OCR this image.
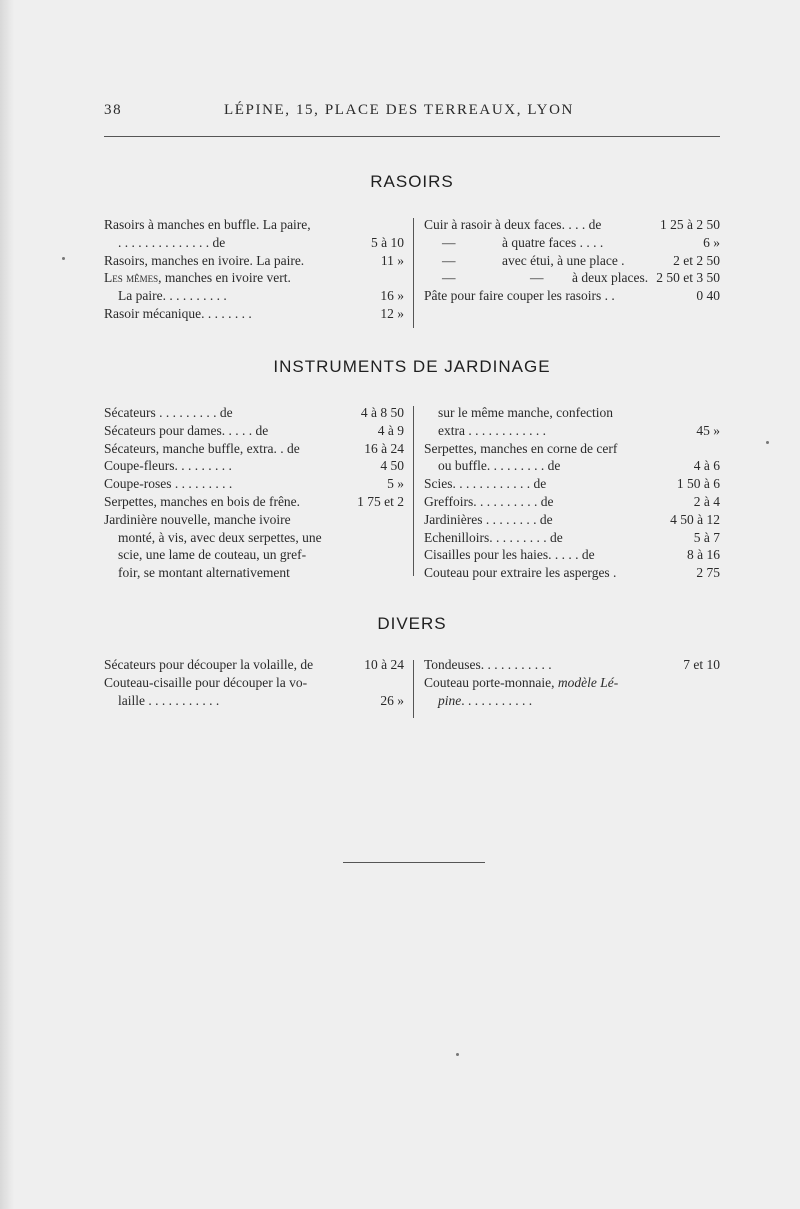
38	LÉPINE, 15, PLACE DES TERREAUX, LYON
RASOIRS
Rasoirs à manches en buffle. La paire,
. . . . . . . . . . . . . . de	5 à 10
Rasoirs, manches en ivoire. La paire.	11 »
Les mêmes, manches en ivoire vert.
La paire. . . . . . . . . .	16 »
Rasoir mécanique. . . . . . . .	12 »
Cuir à rasoir à deux faces. . . . de	1 25 à 2 50
—	à quatre faces . . . .	6 »
—	avec étui, à une place .	2 et 2 50
—	— à deux places. 2 50 et 3 50
Pâte pour faire couper les rasoirs . .	0 40
INSTRUMENTS DE JARDINAGE
Sécateurs . . . . . . . . . de	4 à 8 50
Sécateurs pour dames. . . . . de	4 à 9
Sécateurs, manche buffle, extra. . de	16 à 24
Coupe-fleurs. . . . . . . . .	4 50
Coupe-roses . . . . . . . . .	5 »
Serpettes, manches en bois de frêne.	1 75 et 2
Jardinière nouvelle, manche ivoire
monté, à vis, avec deux serpettes, une
scie, une lame de couteau, un gref-
foir, se montant alternativement
sur le même manche, confection
extra . . . . . . . . . . . .	45 »
Serpettes, manches en corne de cerf
ou buffle. . . . . . . . . de	4 à 6
Scies. . . . . . . . . . . . de	1 50 à 6
Greffoirs. . . . . . . . . . de	2 à 4
Jardinières . . . . . . . . de	4 50 à 12
Echenilloirs. . . . . . . . . de	5 à 7
Cisailles pour les haies. . . . . de	8 à 16
Couteau pour extraire les asperges .	2 75
DIVERS
Sécateurs pour découper la volaille, de	10 à 24
Couteau-cisaille pour découper la vo-
laille . . . . . . . . . . .	26 »
Tondeuses. . . . . . . . . . .	7 et 10
Couteau porte-monnaie, modèle Lé-
pine. . . . . . . . . . .
